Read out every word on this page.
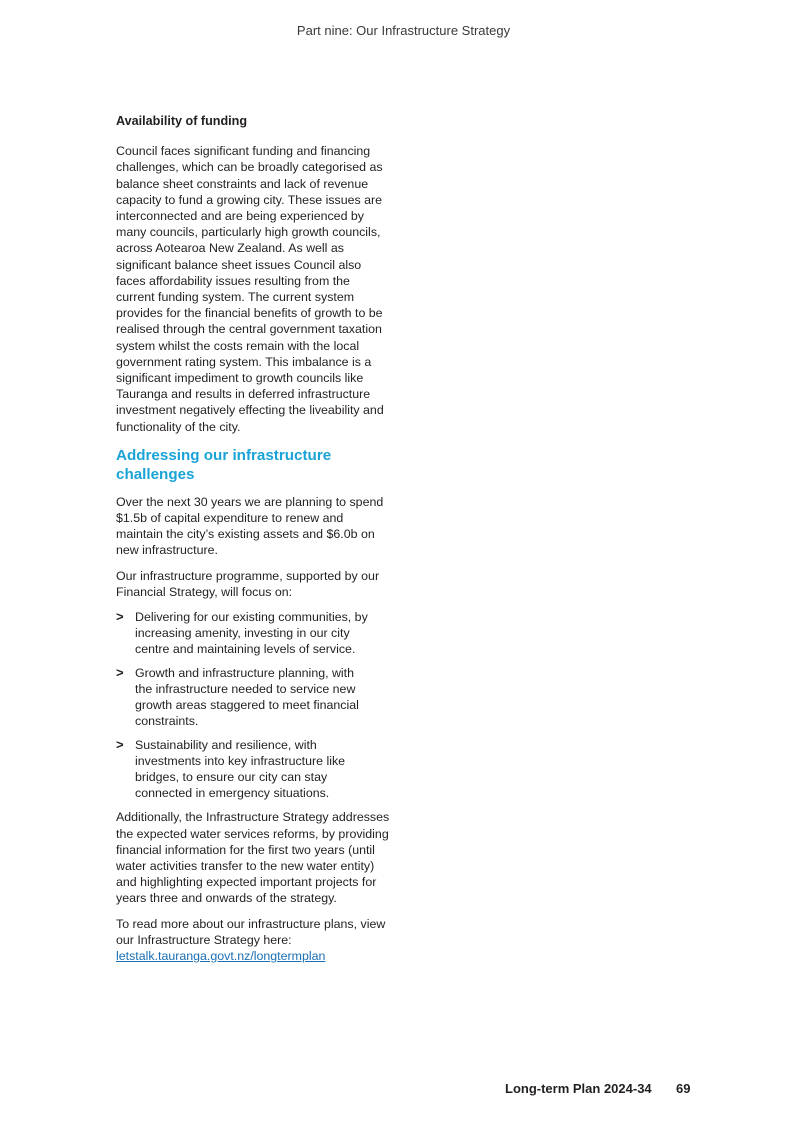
Part nine: Our Infrastructure Strategy
Availability of funding

Council faces significant funding and financing challenges, which can be broadly categorised as balance sheet constraints and lack of revenue capacity to fund a growing city. These issues are interconnected and are being experienced by many councils, particularly high growth councils, across Aotearoa New Zealand. As well as significant balance sheet issues Council also faces affordability issues resulting from the current funding system. The current system provides for the financial benefits of growth to be realised through the central government taxation system whilst the costs remain with the local government rating system. This imbalance is a significant impediment to growth councils like Tauranga and results in deferred infrastructure investment negatively effecting the liveability and functionality of the city.

Addressing our infrastructure challenges

Over the next 30 years we are planning to spend $1.5b of capital expenditure to renew and maintain the city’s existing assets and $6.0b on new infrastructure.

Our infrastructure programme, supported by our Financial Strategy, will focus on:

> Delivering for our existing communities, by increasing amenity, investing in our city centre and maintaining levels of service.
> Growth and infrastructure planning, with the infrastructure needed to service new growth areas staggered to meet financial constraints.
> Sustainability and resilience, with investments into key infrastructure like bridges, to ensure our city can stay connected in emergency situations.

Additionally, the Infrastructure Strategy addresses the expected water services reforms, by providing financial information for the first two years (until water activities transfer to the new water entity) and highlighting expected important projects for years three and onwards of the strategy.

To read more about our infrastructure plans, view our Infrastructure Strategy here:
letstalk.tauranga.govt.nz/longtermplan

Long-term Plan 2024-34 69
